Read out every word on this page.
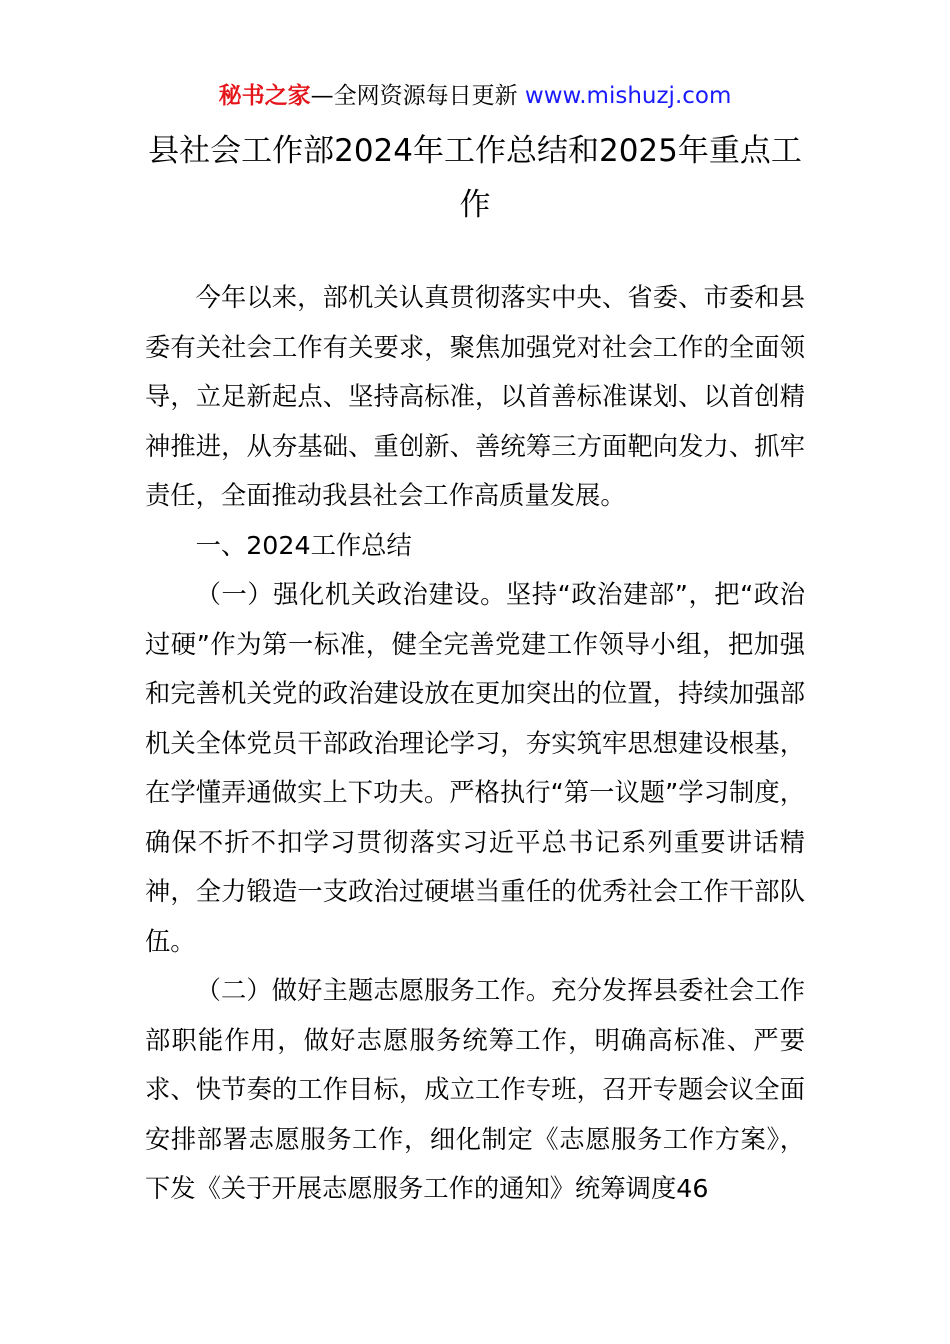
秘书之家—全网资源每日更新 www.mishuzj.com
县社会工作部2024年工作总结和2025年重点工作

今年以来，部机关认真贯彻落实中央、省委、市委和县委有关社会工作有关要求，聚焦加强党对社会工作的全面领导，立足新起点、坚持高标准，以首善标准谋划、以首创精神推进，从夯基础、重创新、善统筹三方面靶向发力、抓牢责任，全面推动我县社会工作高质量发展。

一、2024工作总结

（一）强化机关政治建设。坚持“政治建部”，把“政治过硬”作为第一标准，健全完善党建工作领导小组，把加强和完善机关党的政治建设放在更加突出的位置，持续加强部机关全体党员干部政治理论学习，夯实筑牢思想建设根基，在学懂弄通做实上下功夫。严格执行“第一议题”学习制度，确保不折不扣学习贯彻落实习近平总书记系列重要讲话精神，全力锻造一支政治过硬堪当重任的优秀社会工作干部队伍。

（二）做好主题志愿服务工作。充分发挥县委社会工作部职能作用，做好志愿服务统筹工作，明确高标准、严要求、快节奏的工作目标，成立工作专班，召开专题会议全面安排部署志愿服务工作，细化制定《志愿服务工作方案》，下发《关于开展志愿服务工作的通知》统筹调度46
